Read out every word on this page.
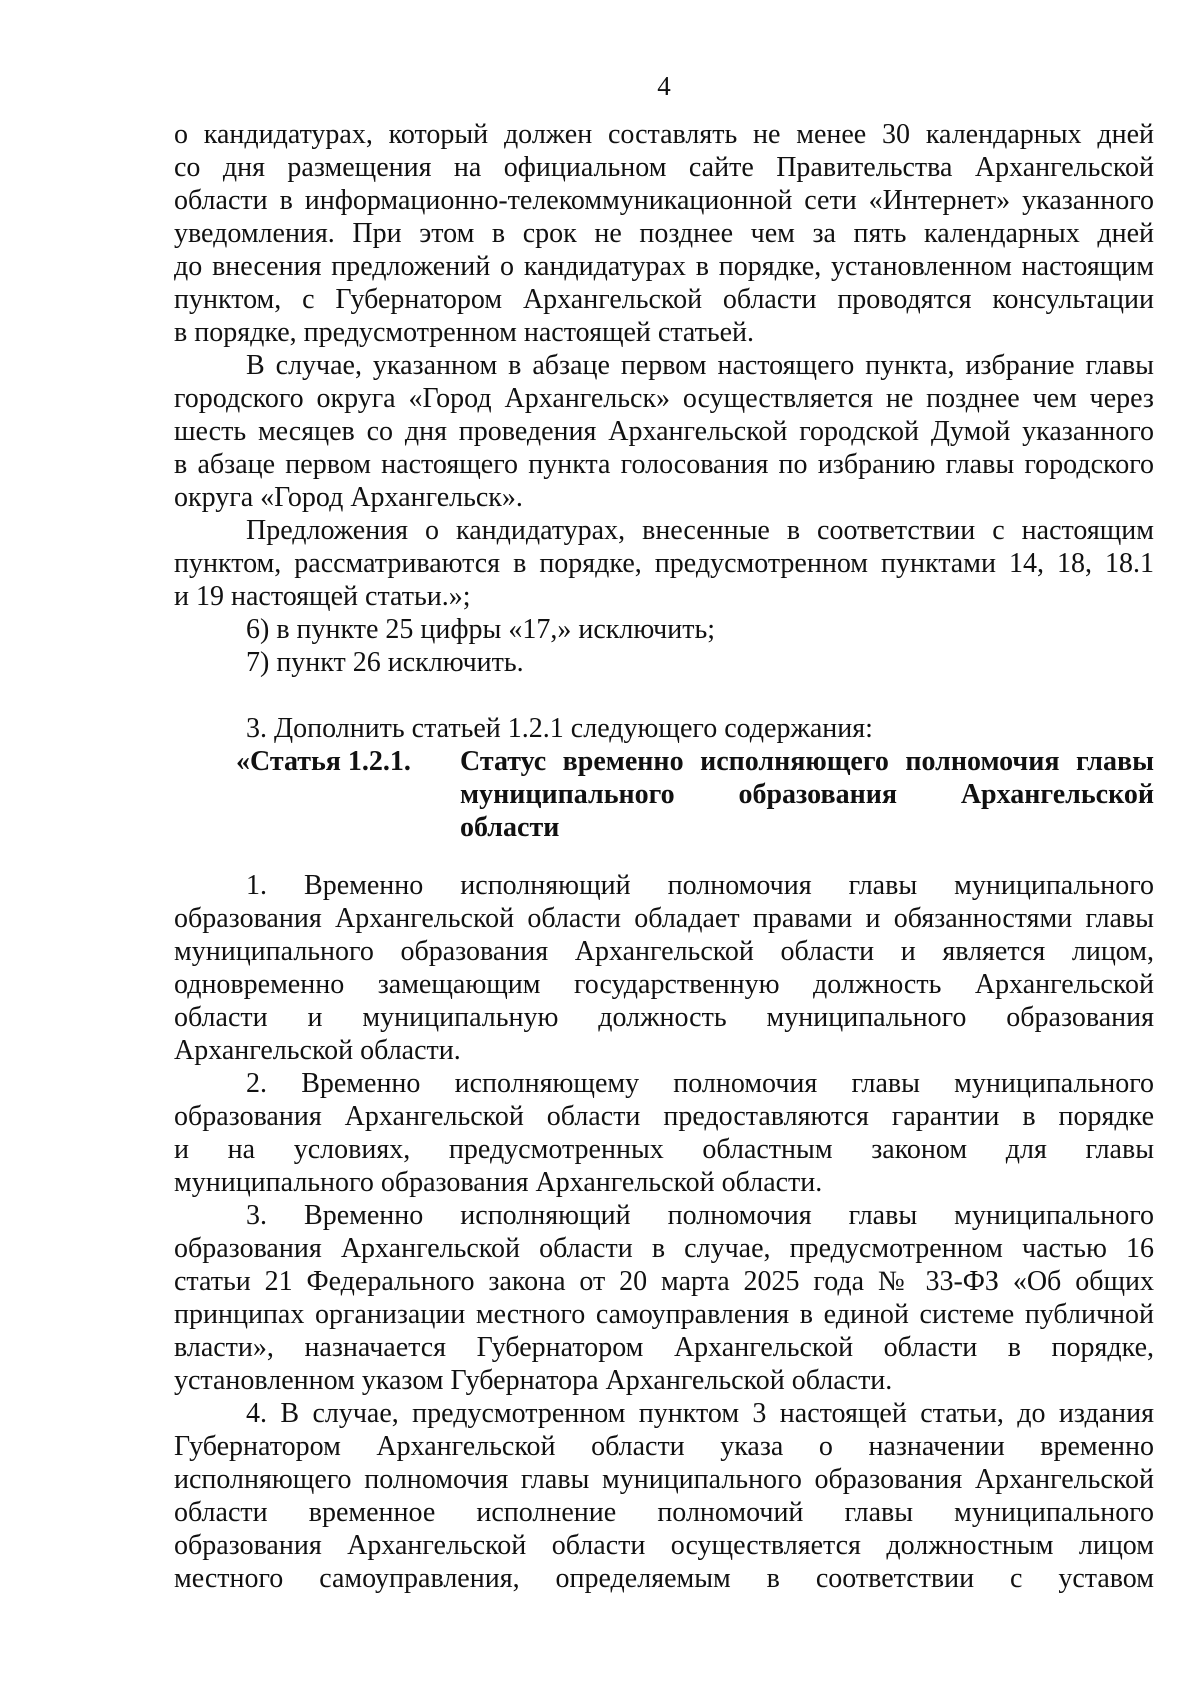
4
о кандидатурах, который должен составлять не менее 30 календарных дней
со дня размещения на официальном сайте Правительства Архангельской
области в информационно-телекоммуникационной сети «Интернет» указанного
уведомления. При этом в срок не позднее чем за пять календарных дней
до внесения предложений о кандидатурах в порядке, установленном настоящим
пунктом, с Губернатором Архангельской области проводятся консультации
в порядке, предусмотренном настоящей статьей.
В случае, указанном в абзаце первом настоящего пункта, избрание главы
городского округа «Город Архангельск» осуществляется не позднее чем через
шесть месяцев со дня проведения Архангельской городской Думой указанного
в абзаце первом настоящего пункта голосования по избранию главы городского
округа «Город Архангельск».
Предложения о кандидатурах, внесенные в соответствии с настоящим
пунктом, рассматриваются в порядке, предусмотренном пунктами 14, 18, 18.1
и 19 настоящей статьи.»;
6) в пункте 25 цифры «17,» исключить;
7) пункт 26 исключить.
3. Дополнить статьей 1.2.1 следующего содержания:
«Статья 1.2.1. Статус временно исполняющего полномочия главы
муниципального образования Архангельской
области
1. Временно исполняющий полномочия главы муниципального
образования Архангельской области обладает правами и обязанностями главы
муниципального образования Архангельской области и является лицом,
одновременно замещающим государственную должность Архангельской
области и муниципальную должность муниципального образования
Архангельской области.
2. Временно исполняющему полномочия главы муниципального
образования Архангельской области предоставляются гарантии в порядке
и на условиях, предусмотренных областным законом для главы
муниципального образования Архангельской области.
3. Временно исполняющий полномочия главы муниципального
образования Архангельской области в случае, предусмотренном частью 16
статьи 21 Федерального закона от 20 марта 2025 года № 33-ФЗ «Об общих
принципах организации местного самоуправления в единой системе публичной
власти», назначается Губернатором Архангельской области в порядке,
установленном указом Губернатора Архангельской области.
4. В случае, предусмотренном пунктом 3 настоящей статьи, до издания
Губернатором Архангельской области указа о назначении временно
исполняющего полномочия главы муниципального образования Архангельской
области временное исполнение полномочий главы муниципального
образования Архангельской области осуществляется должностным лицом
местного самоуправления, определяемым в соответствии с уставом
